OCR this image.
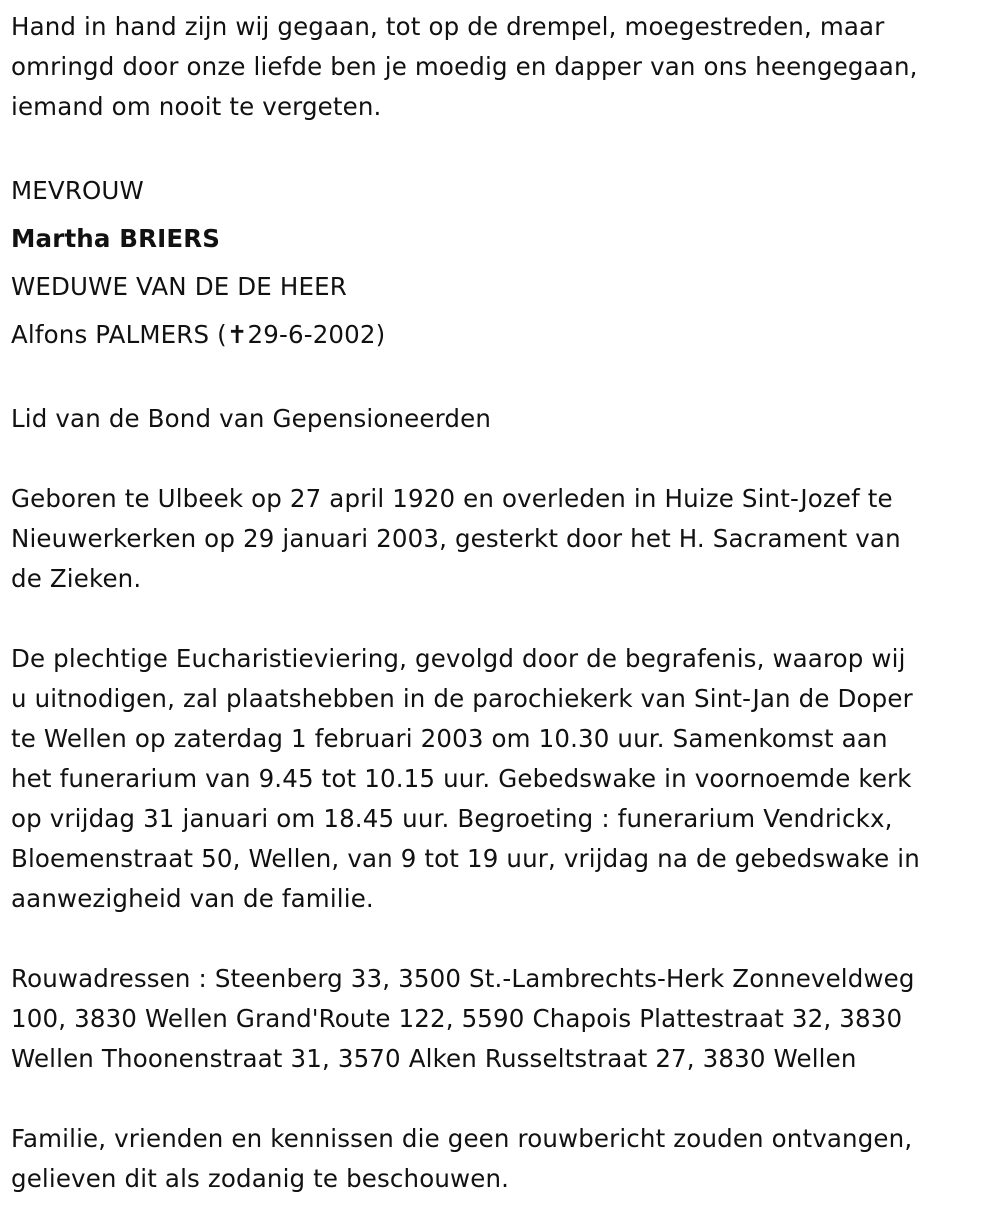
Hand in hand zijn wij gegaan, tot op de drempel, moegestreden, maar

omringd door onze liefde ben je moedig en dapper van ons heengegaan,

iemand om nooit te vergeten.

MEVROUW

Martha BRIERS

WEDUWE VAN DE DE HEER

Alfons PALMERS (✝29-6-2002)

Lid van de Bond van Gepensioneerden

Geboren te Ulbeek op 27 april 1920 en overleden in Huize Sint-Jozef te

Nieuwerkerken op 29 januari 2003, gesterkt door het H. Sacrament van

de Zieken.

De plechtige Eucharistieviering, gevolgd door de begrafenis, waarop wij

u uitnodigen, zal plaatshebben in de parochiekerk van Sint-Jan de Doper

te Wellen op zaterdag 1 februari 2003 om 10.30 uur. Samenkomst aan

het funerarium van 9.45 tot 10.15 uur. Gebedswake in voornoemde kerk

op vrijdag 31 januari om 18.45 uur. Begroeting : funerarium Vendrickx,

Bloemenstraat 50, Wellen, van 9 tot 19 uur, vrijdag na de gebedswake in

aanwezigheid van de familie.

Rouwadressen : Steenberg 33, 3500 St.-Lambrechts-Herk Zonneveldweg

100, 3830 Wellen Grand'Route 122, 5590 Chapois Plattestraat 32, 3830

Wellen Thoonenstraat 31, 3570 Alken Russeltstraat 27, 3830 Wellen

Familie, vrienden en kennissen die geen rouwbericht zouden ontvangen,

gelieven dit als zodanig te beschouwen.
